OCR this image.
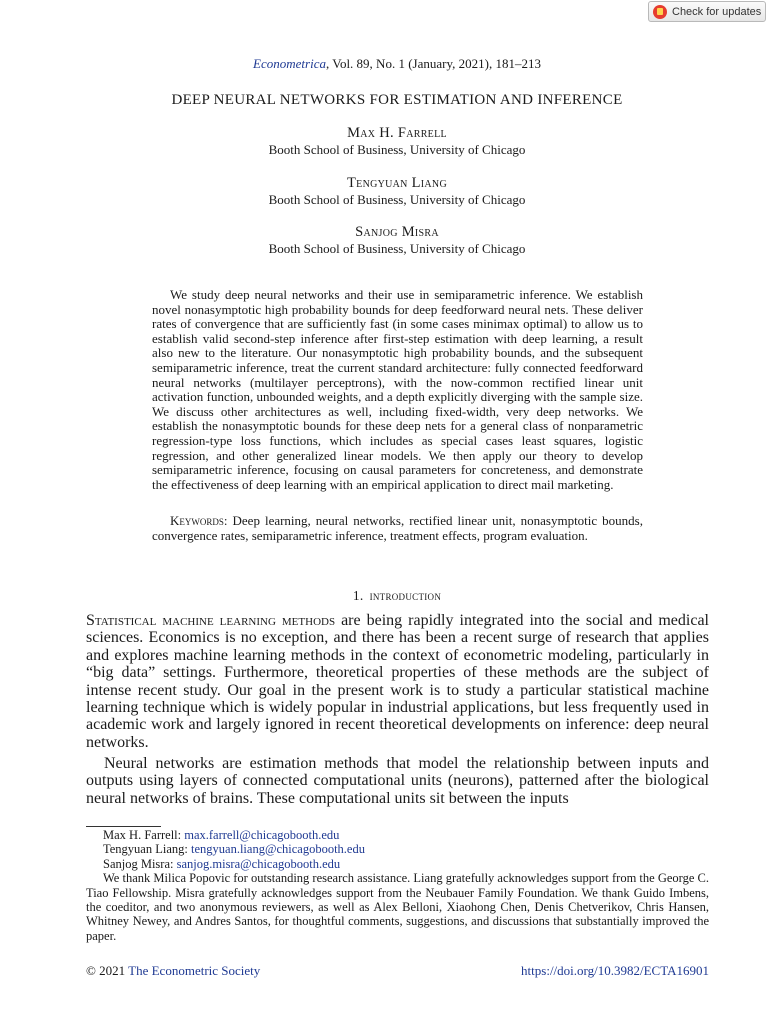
Check for updates
Econometrica, Vol. 89, No. 1 (January, 2021), 181–213
DEEP NEURAL NETWORKS FOR ESTIMATION AND INFERENCE
Max H. Farrell
Booth School of Business, University of Chicago
Tengyuan Liang
Booth School of Business, University of Chicago
Sanjog Misra
Booth School of Business, University of Chicago

We study deep neural networks and their use in semiparametric inference. We establish novel nonasymptotic high probability bounds for deep feedforward neural nets. These deliver rates of convergence that are sufficiently fast (in some cases minimax optimal) to allow us to establish valid second-step inference after first-step estimation with deep learning, a result also new to the literature. Our nonasymptotic high probability bounds, and the subsequent semiparametric inference, treat the current standard architecture: fully connected feedforward neural networks (multilayer perceptrons), with the now-common rectified linear unit activation function, unbounded weights, and a depth explicitly diverging with the sample size. We discuss other architectures as well, including fixed-width, very deep networks. We establish the nonasymptotic bounds for these deep nets for a general class of nonparametric regression-type loss functions, which includes as special cases least squares, logistic regression, and other generalized linear models. We then apply our theory to develop semiparametric inference, focusing on causal parameters for concreteness, and demonstrate the effectiveness of deep learning with an empirical application to direct mail marketing.

Keywords: Deep learning, neural networks, rectified linear unit, nonasymptotic bounds, convergence rates, semiparametric inference, treatment effects, program evaluation.

1. introduction

Statistical machine learning methods are being rapidly integrated into the social and medical sciences. Economics is no exception, and there has been a recent surge of research that applies and explores machine learning methods in the context of econometric modeling, particularly in “big data” settings. Furthermore, theoretical properties of these methods are the subject of intense recent study. Our goal in the present work is to study a particular statistical machine learning technique which is widely popular in industrial applications, but less frequently used in academic work and largely ignored in recent theoretical developments on inference: deep neural networks.

Neural networks are estimation methods that model the relationship between inputs and outputs using layers of connected computational units (neurons), patterned after the biological neural networks of brains. These computational units sit between the inputs

Max H. Farrell: max.farrell@chicagobooth.edu
Tengyuan Liang: tengyuan.liang@chicagobooth.edu
Sanjog Misra: sanjog.misra@chicagobooth.edu

We thank Milica Popovic for outstanding research assistance. Liang gratefully acknowledges support from the George C. Tiao Fellowship. Misra gratefully acknowledges support from the Neubauer Family Foundation. We thank Guido Imbens, the coeditor, and two anonymous reviewers, as well as Alex Belloni, Xiaohong Chen, Denis Chetverikov, Chris Hansen, Whitney Newey, and Andres Santos, for thoughtful comments, suggestions, and discussions that substantially improved the paper.

© 2021 The Econometric Society	https://doi.org/10.3982/ECTA16901
